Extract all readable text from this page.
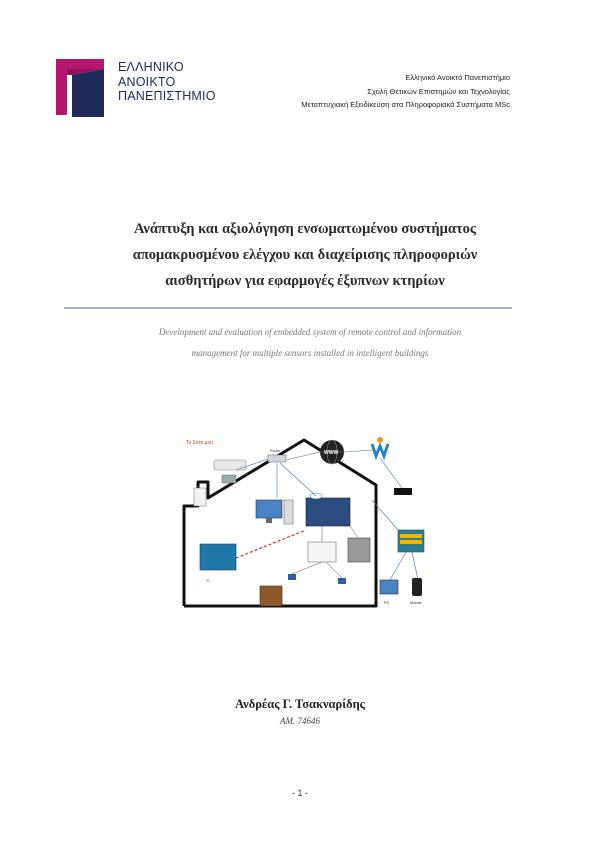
ΕΛΛΗΝΙΚΟ
ΑΝΟΙΚΤΟ
ΠΑΝΕΠΙΣΤΗΜΙΟ
Ελληνικό Ανοικτό Πανεπιστήμιο
Σχολή Θετικών Επιστημών και Τεχνολογίας
Μεταπτυχιακή Εξειδίκευση στα Πληροφοριακά Συστήματα MSc
Ανάπτυξη και αξιολόγηση ενσωματωμένου συστήματος
απομακρυσμένου ελέγχου και διαχείρισης πληροφοριών
αισθητήρων για εφαρμογές έξυπνων κτηρίων
Development and evaluation of embedded system of remote control and information
management for multiple sensors installed in intelligent buildings
Το Σπίτι μου
Router	WWW
∞
PC	Mobile
Ανδρέας Γ. Τσακναρίδης
ΑΜ. 74646
- 1 -
